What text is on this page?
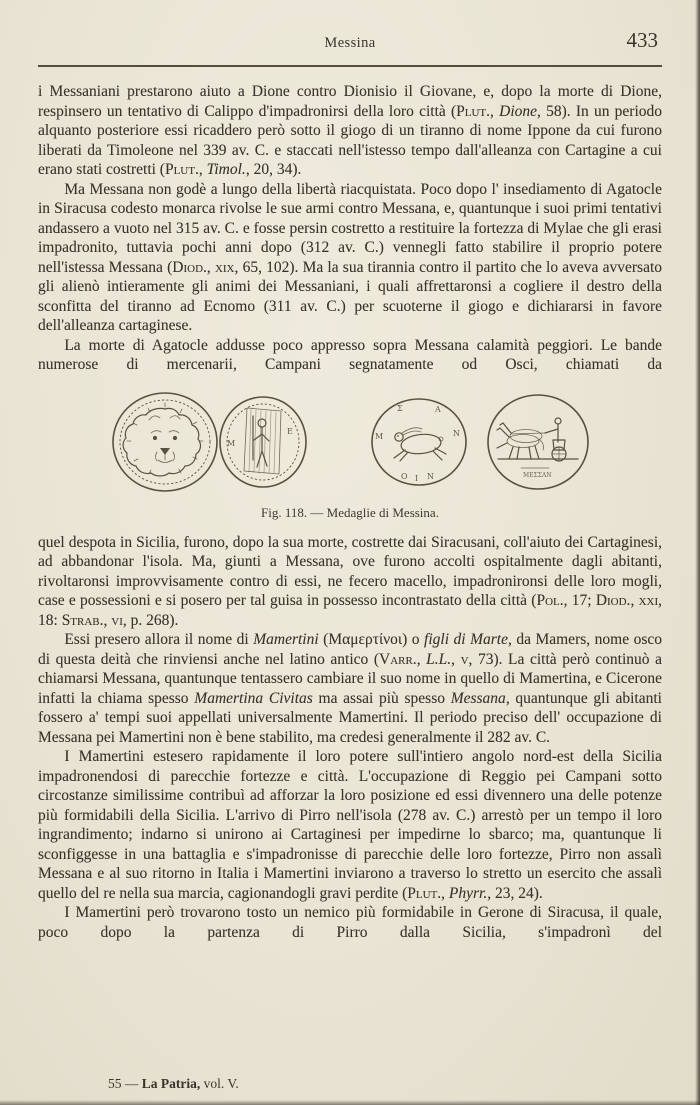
Messina	433

i Messaniani prestarono aiuto a Dione contro Dionisio il Giovane, e, dopo la morte di Dione, respinsero un tentativo di Calippo d'impadronirsi della loro città (Plut., Dione, 58). In un periodo alquanto posteriore essi ricaddero però sotto il giogo di un tiranno di nome Ippone da cui furono liberati da Timoleone nel 339 av. C. e staccati nell'istesso tempo dall'alleanza con Cartagine a cui erano stati costretti (Plut., Timol., 20, 34).

Ma Messana non godè a lungo della libertà riacquistata. Poco dopo l' insediamento di Agatocle in Siracusa codesto monarca rivolse le sue armi contro Messana, e, quantunque i suoi primi tentativi andassero a vuoto nel 315 av. C. e fosse persin costretto a restituire la fortezza di Mylae che gli erasi impadronito, tuttavia pochi anni dopo (312 av. C.) vennegli fatto stabilire il proprio potere nell'istessa Messana (Diod., xix, 65, 102). Ma la sua tirannia contro il partito che lo aveva avversato gli alienò intieramente gli animi dei Messaniani, i quali affrettaronsi a cogliere il destro della sconfitta del tiranno ad Ecnomo (311 av. C.) per scuoterne il giogo e dichiararsi in favore dell'alleanza cartaginese.

La morte di Agatocle addusse poco appresso sopra Messana calamità peggiori. Le bande numerose di mercenarii, Campani segnatamente od Osci, chiamati da

M
Ε
Σ	Α
Ν
Μ
Ο Ι Ν	ΜΕΣΣΑΝ
Fig. 118. — Medaglie di Messina.

quel despota in Sicilia, furono, dopo la sua morte, costrette dai Siracusani, coll'aiuto dei Cartaginesi, ad abbandonar l'isola. Ma, giunti a Messana, ove furono accolti ospitalmente dagli abitanti, rivoltaronsi improvvisamente contro di essi, ne fecero macello, impadronironsi delle loro mogli, case e possessioni e si posero per tal guisa in possesso incontrastato della città (Pol., 17; Diod., xxi, 18: Strab., vi, p. 268).

Essi presero allora il nome di Mamertini (Μαμερτίνοι) o figli di Marte, da Mamers, nome osco di questa deità che rinviensi anche nel latino antico (Varr., L.L., v, 73). La città però continuò a chiamarsi Messana, quantunque tentassero cambiare il suo nome in quello di Mamertina, e Cicerone infatti la chiama spesso Mamertina Civitas ma assai più spesso Messana, quantunque gli abitanti fossero a' tempi suoi appellati universalmente Mamertini. Il periodo preciso dell' occupazione di Messana pei Mamertini non è bene stabilito, ma credesi generalmente il 282 av. C.

I Mamertini estesero rapidamente il loro potere sull'intiero angolo nord-est della Sicilia impadronendosi di parecchie fortezze e città. L'occupazione di Reggio pei Campani sotto circostanze similissime contribuì ad afforzar la loro posizione ed essi divennero una delle potenze più formidabili della Sicilia. L'arrivo di Pirro nell'isola (278 av. C.) arrestò per un tempo il loro ingrandimento; indarno si unirono ai Cartaginesi per impedirne lo sbarco; ma, quantunque li sconfiggesse in una battaglia e s'impadronisse di parecchie delle loro fortezze, Pirro non assalì Messana e al suo ritorno in Italia i Mamertini inviarono a traverso lo stretto un esercito che assalì quello del re nella sua marcia, cagionandogli gravi perdite (Plut., Phyrr., 23, 24).

I Mamertini però trovarono tosto un nemico più formidabile in Gerone di Siracusa, il quale, poco dopo la partenza di Pirro dalla Sicilia, s'impadronì del

55 — La Patria, vol. V.
